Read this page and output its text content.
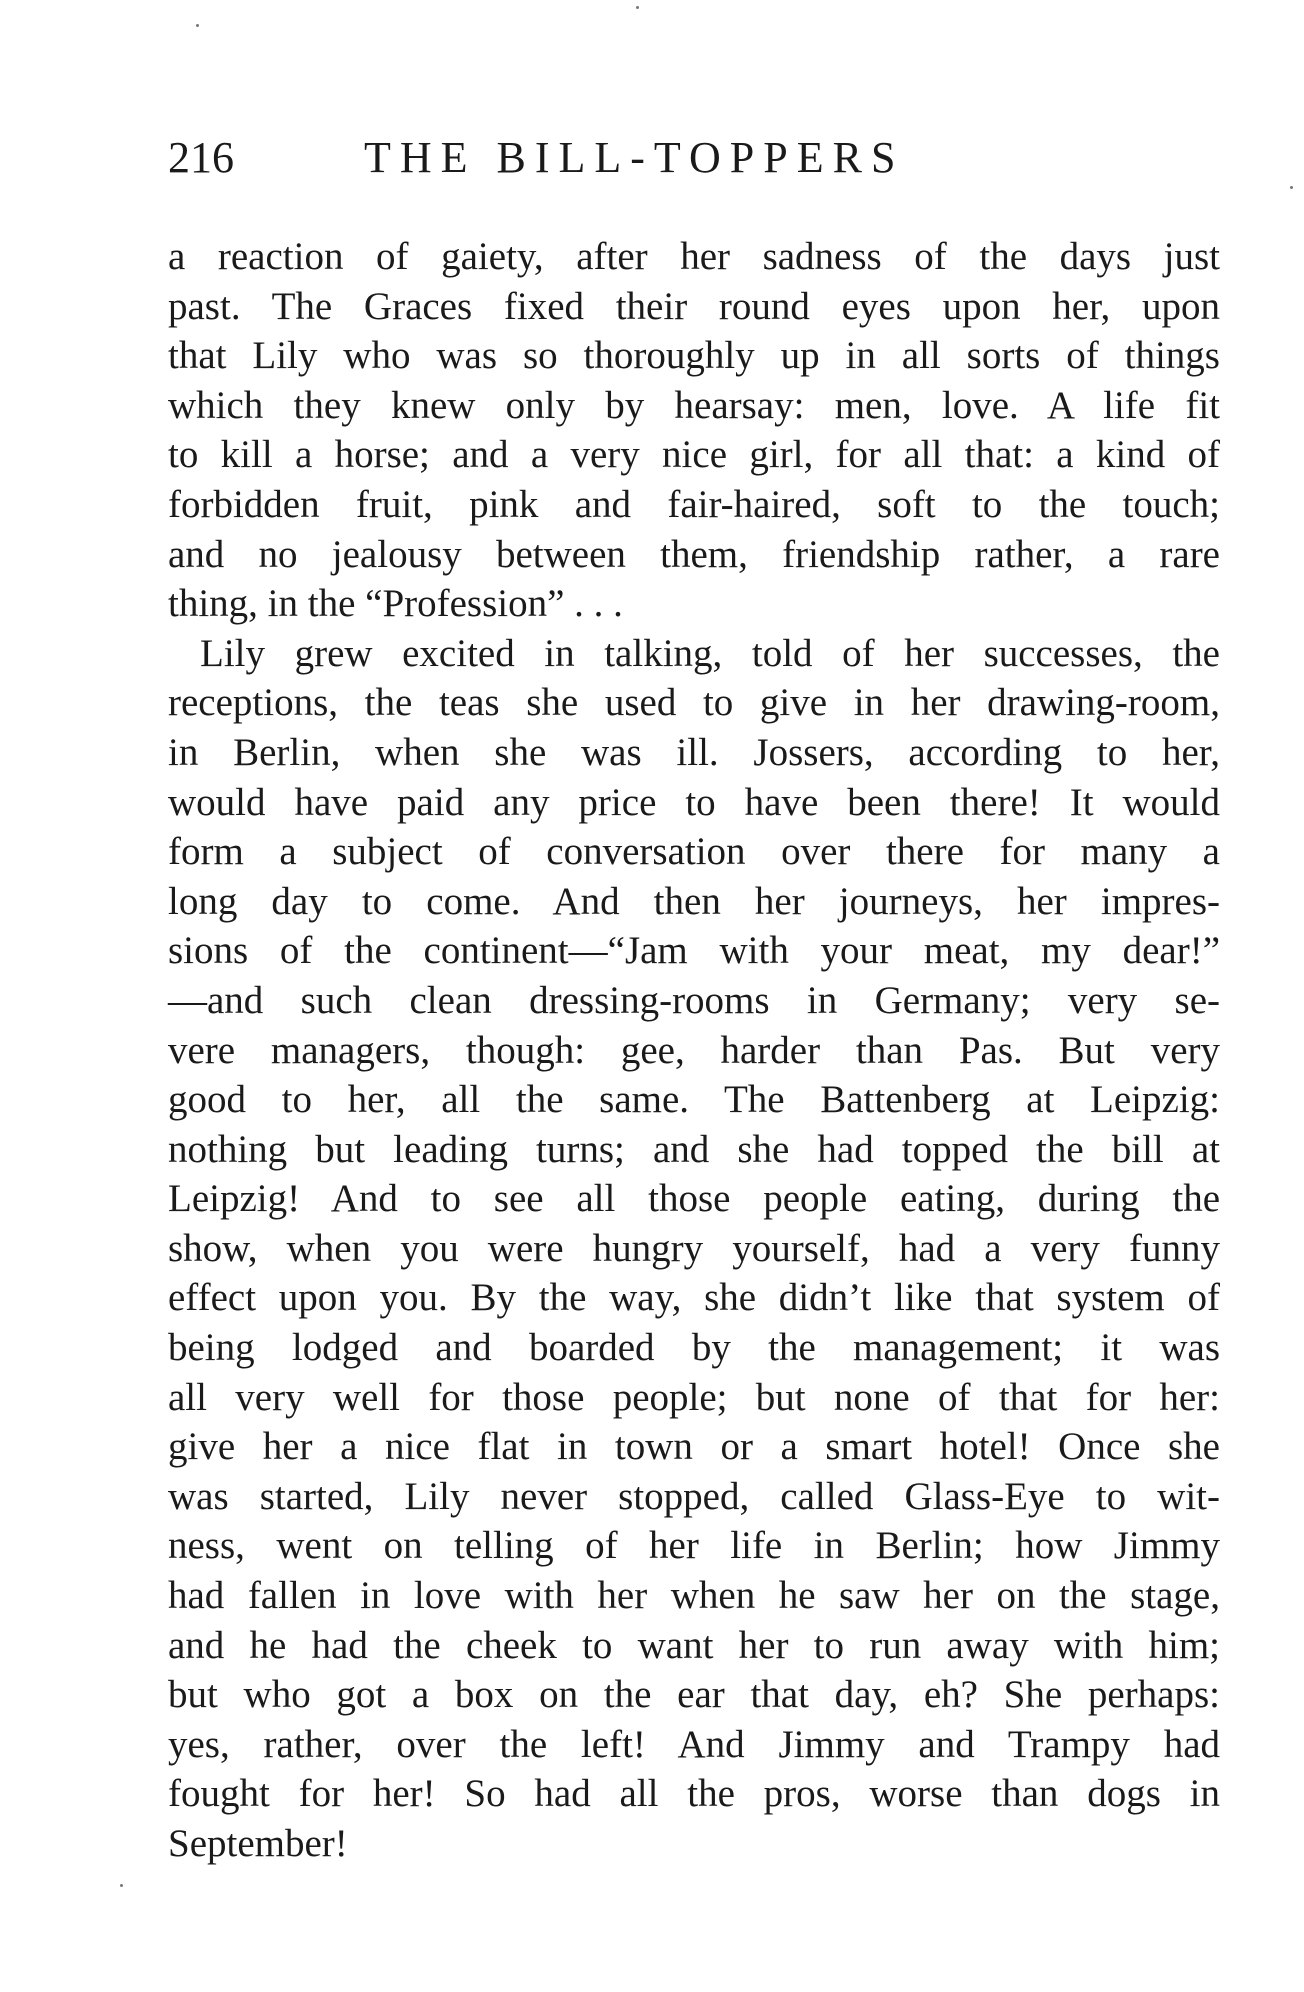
216	THE BILL-TOPPERS
a reaction of gaiety, after her sadness of the days just
past. The Graces fixed their round eyes upon her, upon
that Lily who was so thoroughly up in all sorts of things
which they knew only by hearsay: men, love. A life fit
to kill a horse; and a very nice girl, for all that: a kind of
forbidden fruit, pink and fair-haired, soft to the touch;
and no jealousy between them, friendship rather, a rare
thing, in the “Profession” . . .
Lily grew excited in talking, told of her successes, the
receptions, the teas she used to give in her drawing-room,
in Berlin, when she was ill. Jossers, according to her,
would have paid any price to have been there! It would
form a subject of conversation over there for many a
long day to come. And then her journeys, her impres-
sions of the continent—“Jam with your meat, my dear!”
—and such clean dressing-rooms in Germany; very se-
vere managers, though: gee, harder than Pas. But very
good to her, all the same. The Battenberg at Leipzig:
nothing but leading turns; and she had topped the bill at
Leipzig! And to see all those people eating, during the
show, when you were hungry yourself, had a very funny
effect upon you. By the way, she didn’t like that system of
being lodged and boarded by the management; it was
all very well for those people; but none of that for her:
give her a nice flat in town or a smart hotel! Once she
was started, Lily never stopped, called Glass-Eye to wit-
ness, went on telling of her life in Berlin; how Jimmy
had fallen in love with her when he saw her on the stage,
and he had the cheek to want her to run away with him;
but who got a box on the ear that day, eh? She perhaps:
yes, rather, over the left! And Jimmy and Trampy had
fought for her! So had all the pros, worse than dogs in
September!
